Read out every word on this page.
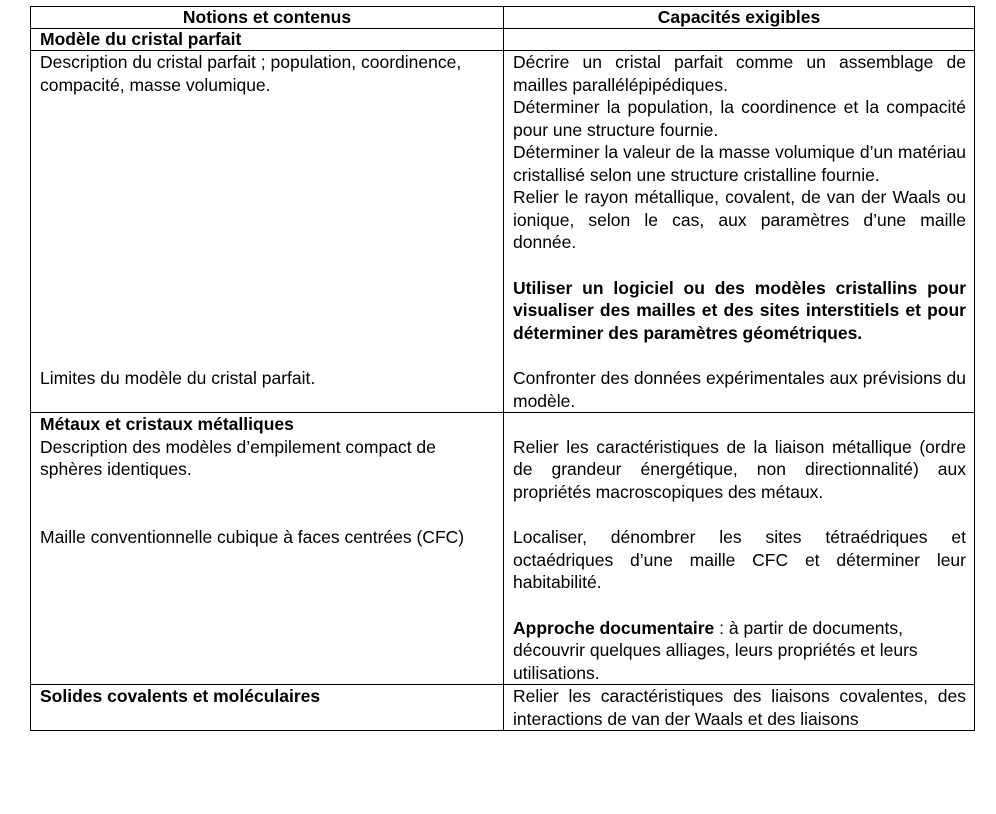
Notions et contenus	Capacités exigibles
Modèle du cristal parfait	
Description du cristal parfait ; population, coordinence, compacité, masse volumique.	Décrire un cristal parfait comme un assemblage de mailles parallélépipédiques.
Déterminer la population, la coordinence et la compacité pour une structure fournie.
Déterminer la valeur de la masse volumique d’un matériau cristallisé selon une structure cristalline fournie.
Relier le rayon métallique, covalent, de van der Waals ou ionique, selon le cas, aux paramètres d’une maille donnée.
Utiliser un logiciel ou des modèles cristallins pour visualiser des mailles et des sites interstitiels et pour déterminer des paramètres géométriques.

Limites du modèle du cristal parfait.	Confronter des données expérimentales aux prévisions du modèle.

Métaux et cristaux métalliques
Description des modèles d’empilement compact de sphères identiques.	Relier les caractéristiques de la liaison métallique (ordre de grandeur énergétique, non directionnalité) aux propriétés macroscopiques des métaux.

Maille conventionnelle cubique à faces centrées (CFC)	Localiser, dénombrer les sites tétraédriques et octaédriques d’une maille CFC et déterminer leur habitabilité.
Approche documentaire : à partir de documents, découvrir quelques alliages, leurs propriétés et leurs utilisations.

Solides covalents et moléculaires	Relier les caractéristiques des liaisons covalentes, des interactions de van der Waals et des liaisons
